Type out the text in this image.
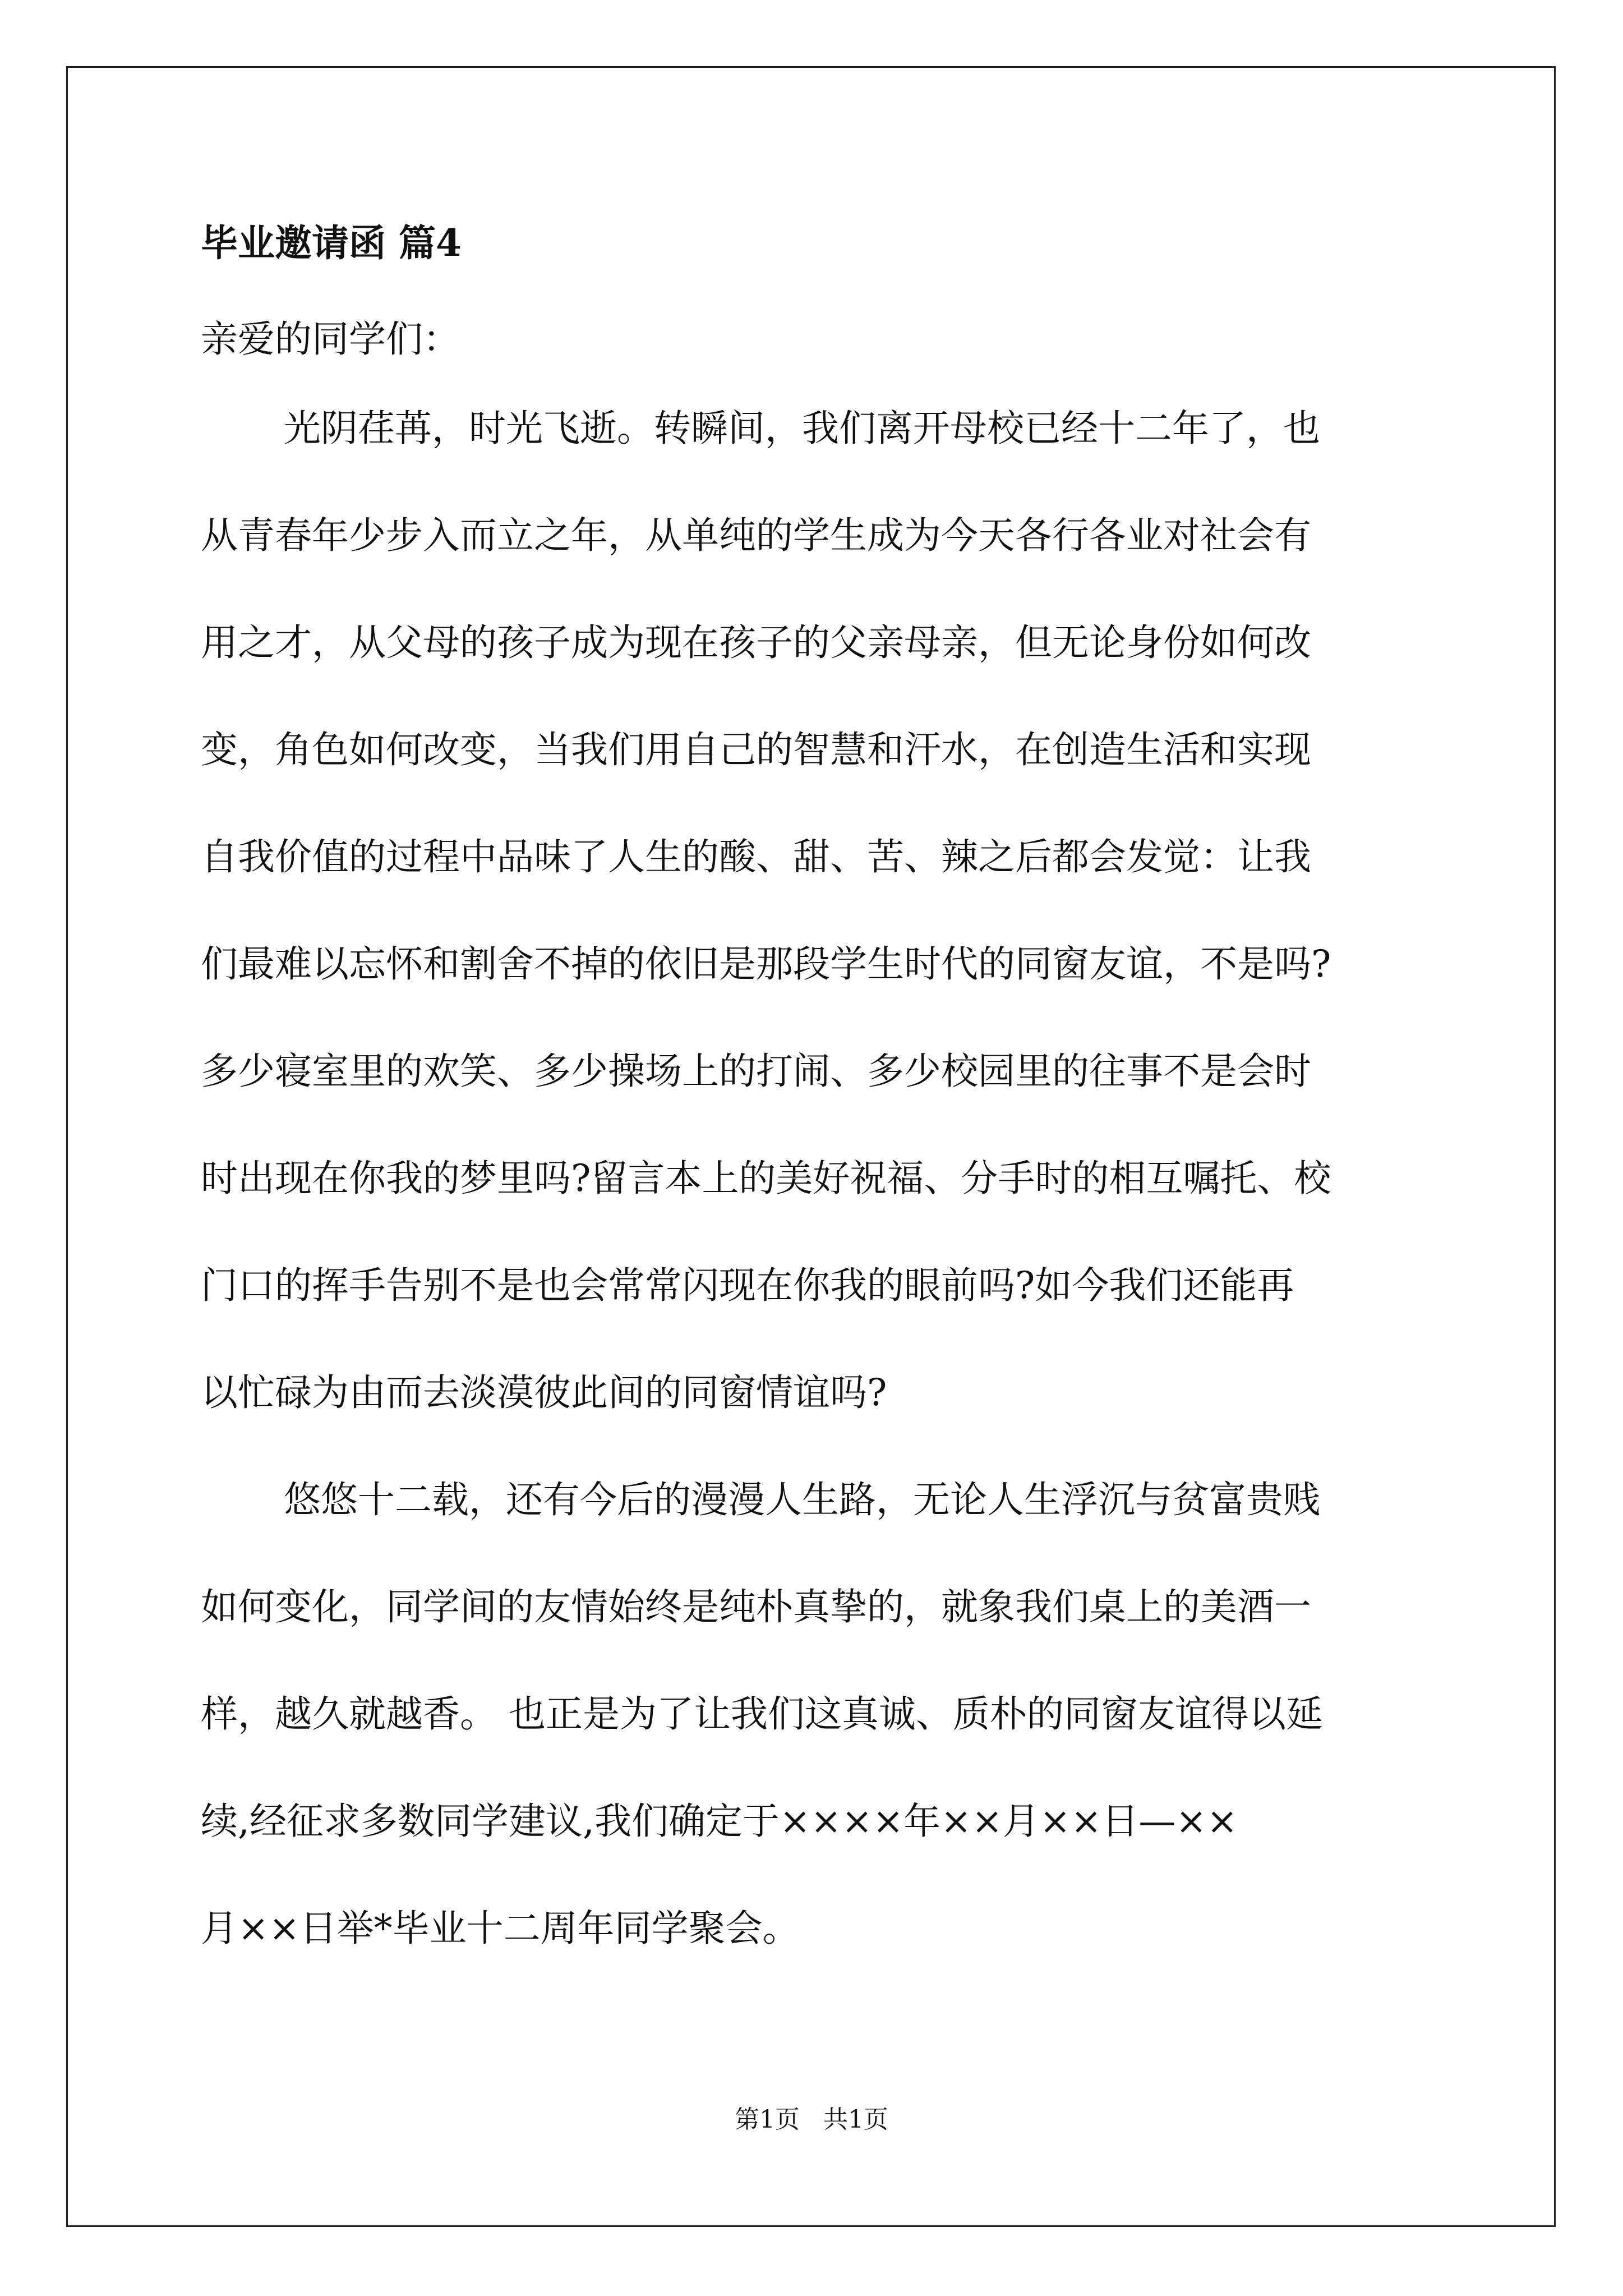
毕业邀请函 篇4

亲爱的同学们：

光阴荏苒，时光飞逝。转瞬间，我们离开母校已经十二年了，也
从青春年少步入而立之年，从单纯的学生成为今天各行各业对社会有
用之才，从父母的孩子成为现在孩子的父亲母亲，但无论身份如何改
变，角色如何改变，当我们用自己的智慧和汗水，在创造生活和实现
自我价值的过程中品味了人生的酸、甜、苦、辣之后都会发觉：让我
们最难以忘怀和割舍不掉的依旧是那段学生时代的同窗友谊，不是吗?
多少寝室里的欢笑、多少操场上的打闹、多少校园里的往事不是会时
时出现在你我的梦里吗?留言本上的美好祝福、分手时的相互嘱托、校
门口的挥手告别不是也会常常闪现在你我的眼前吗?如今我们还能再
以忙碌为由而去淡漠彼此间的同窗情谊吗?

悠悠十二载，还有今后的漫漫人生路，无论人生浮沉与贫富贵贱
如何变化，同学间的友情始终是纯朴真挚的，就象我们桌上的美酒一
样，越久就越香。 也正是为了让我们这真诚、质朴的同窗友谊得以延
续,经征求多数同学建议,我们确定于××××年××月××日—××
月××日举*毕业十二周年同学聚会。

第1页   共1页
